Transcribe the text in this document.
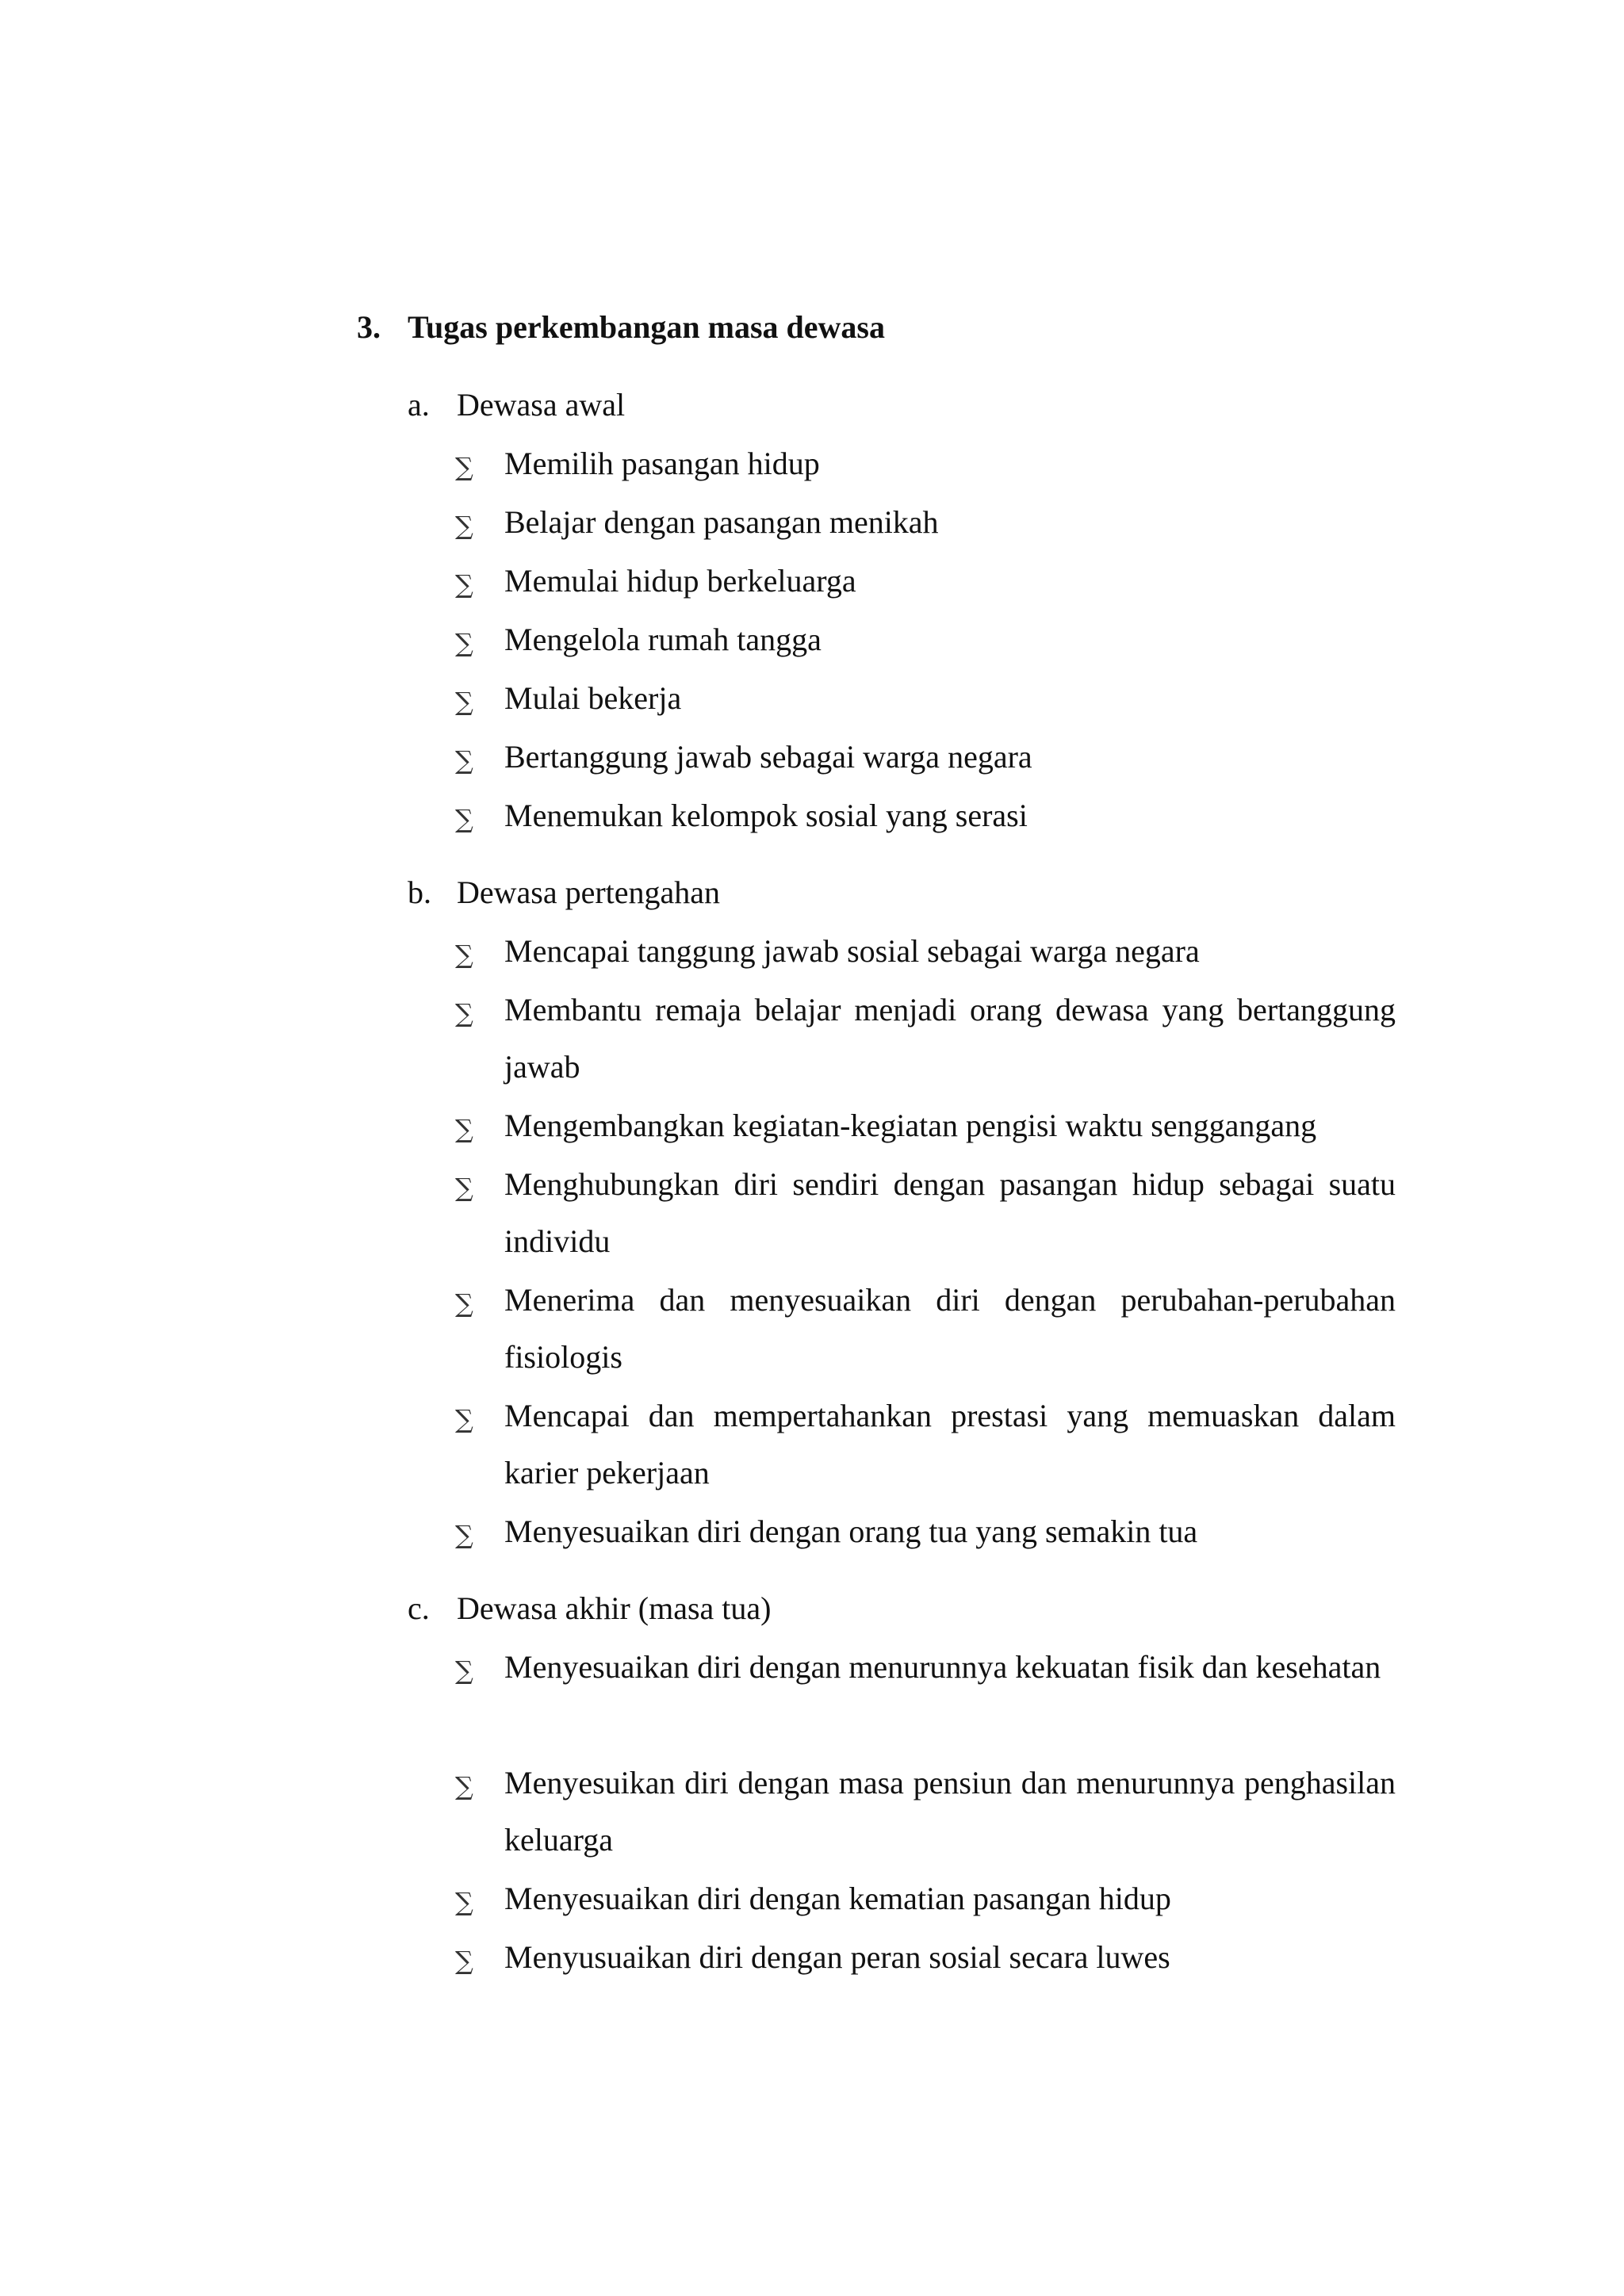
3. Tugas perkembangan masa dewasa
a. Dewasa awal
∑ Memilih pasangan hidup
∑ Belajar dengan pasangan menikah
∑ Memulai hidup berkeluarga
∑ Mengelola rumah tangga
∑ Mulai bekerja
∑ Bertanggung jawab sebagai warga negara
∑ Menemukan kelompok sosial yang serasi
b. Dewasa pertengahan
∑ Mencapai tanggung jawab sosial sebagai warga negara
∑ Membantu remaja belajar menjadi orang dewasa yang bertanggung jawab
∑ Mengembangkan kegiatan-kegiatan pengisi waktu senggangang
∑ Menghubungkan diri sendiri dengan pasangan hidup sebagai suatu individu
∑ Menerima dan menyesuaikan diri dengan perubahan-perubahan fisiologis
∑ Mencapai dan mempertahankan prestasi yang memuaskan dalam karier pekerjaan
∑ Menyesuaikan diri dengan orang tua yang semakin tua
c. Dewasa akhir (masa tua)
∑ Menyesuaikan diri dengan menurunnya kekuatan fisik dan kesehatan
∑ Menyesuikan diri dengan masa pensiun dan menurunnya penghasilan keluarga
∑ Menyesuaikan diri dengan kematian pasangan hidup
∑ Menyusuaikan diri dengan peran sosial secara luwes
